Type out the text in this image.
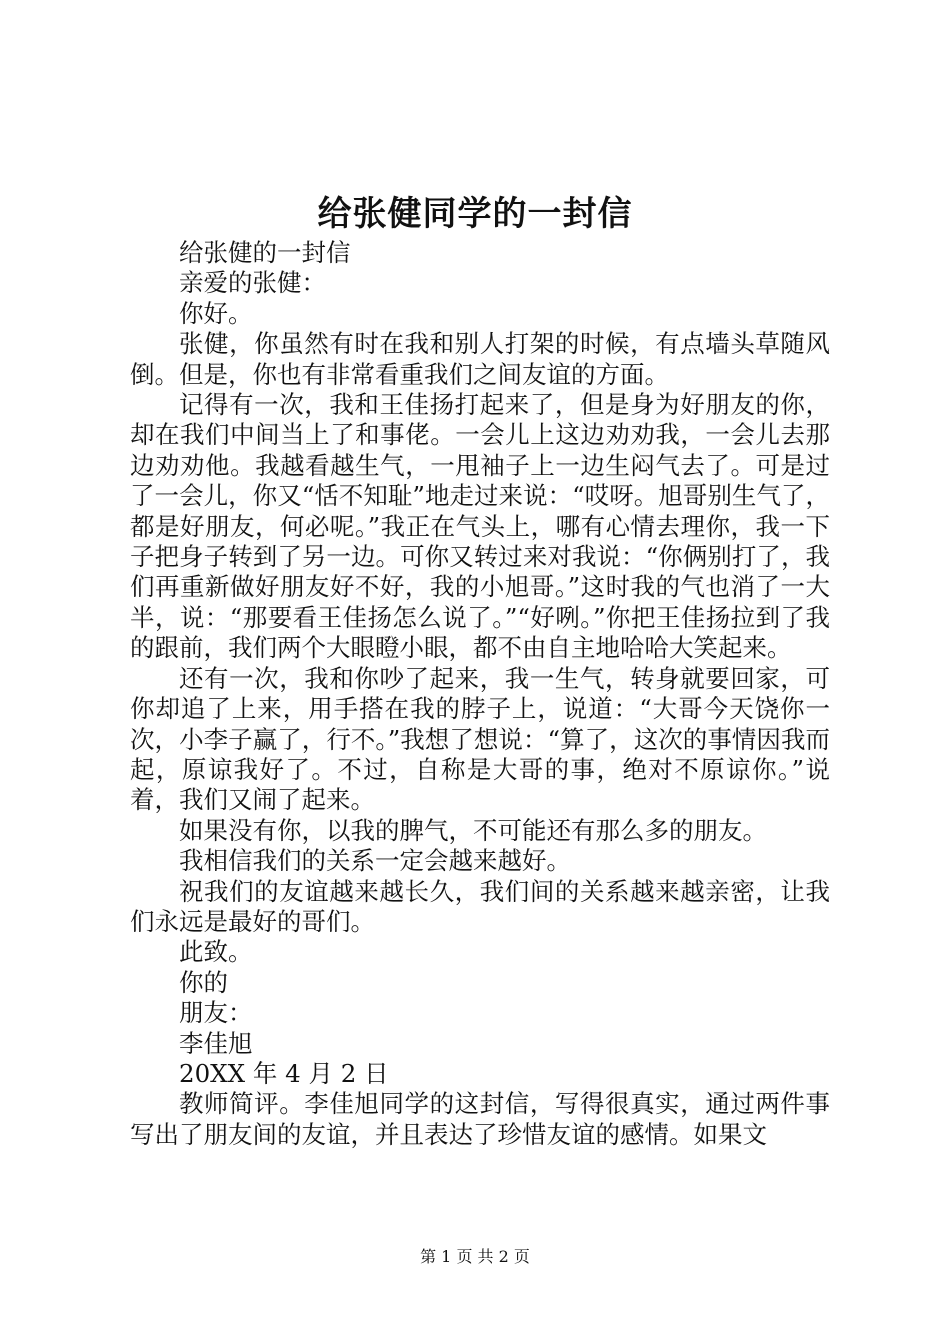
给张健同学的一封信

给张健的一封信

亲爱的张健：

你好。

张健，你虽然有时在我和别人打架的时候，有点墙头草随风倒。但是，你也有非常看重我们之间友谊的方面。

记得有一次，我和王佳扬打起来了，但是身为好朋友的你，却在我们中间当上了和事佬。一会儿上这边劝劝我，一会儿去那边劝劝他。我越看越生气，一甩袖子上一边生闷气去了。可是过了一会儿，你又“恬不知耻”地走过来说：“哎呀。旭哥别生气了，都是好朋友，何必呢。”我正在气头上，哪有心情去理你，我一下子把身子转到了另一边。可你又转过来对我说：“你俩别打了，我们再重新做好朋友好不好，我的小旭哥。”这时我的气也消了一大半，说：“那要看王佳扬怎么说了。”“好咧。”你把王佳扬拉到了我的跟前，我们两个大眼瞪小眼，都不由自主地哈哈大笑起来。

还有一次，我和你吵了起来，我一生气，转身就要回家，可你却追了上来，用手搭在我的脖子上，说道：“大哥今天饶你一次，小李子赢了，行不。”我想了想说：“算了，这次的事情因我而起，原谅我好了。不过，自称是大哥的事，绝对不原谅你。”说着，我们又闹了起来。

如果没有你，以我的脾气，不可能还有那么多的朋友。

我相信我们的关系一定会越来越好。

祝我们的友谊越来越长久，我们间的关系越来越亲密，让我们永远是最好的哥们。

此致。

你的

朋友：

李佳旭

20XX 年 4 月 2 日

教师简评。李佳旭同学的这封信，写得很真实，通过两件事写出了朋友间的友谊，并且表达了珍惜友谊的感情。如果文

第 1 页 共 2 页
